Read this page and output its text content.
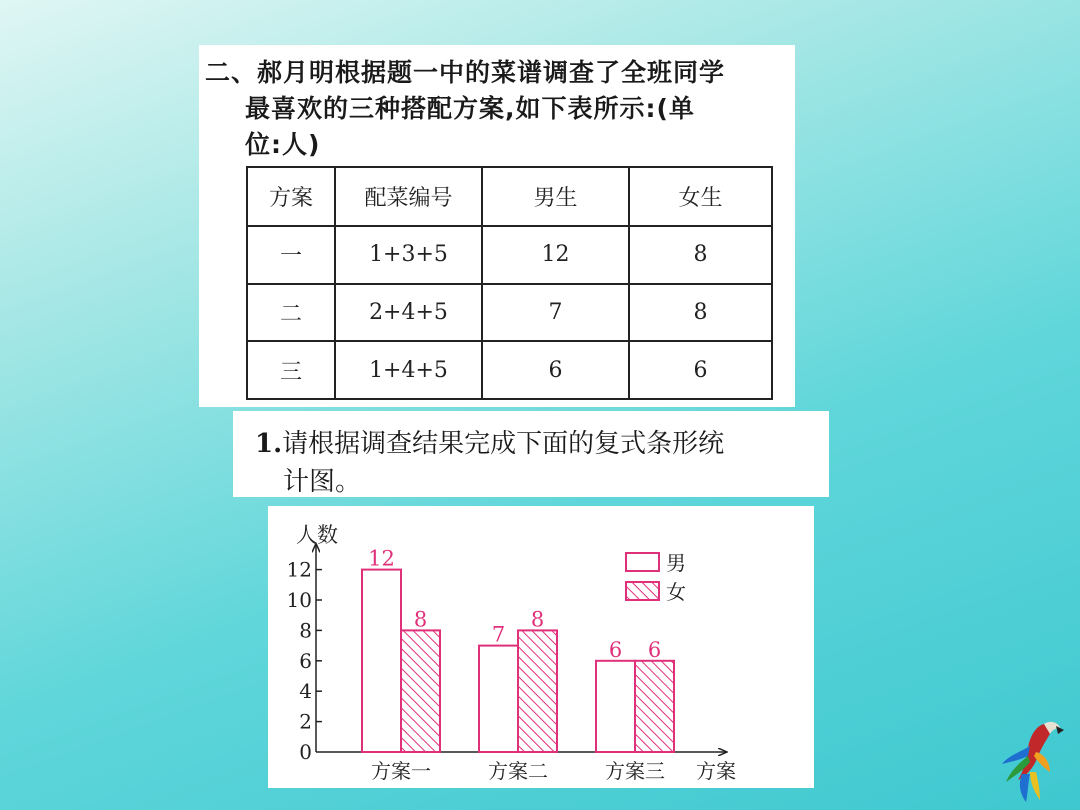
二、郝月明根据题一中的菜谱调查了全班同学
最喜欢的三种搭配方案,如下表所示:(单
位:人)
方案	配菜编号	男生	女生
一	1+3+5	12	8
二	2+4+5	7	8
三	1+4+5	6	6
1.请根据调查结果完成下面的复式条形统
计图。
0
2
4
6
8
10
12
人数
方案
12
8
方案一
7
8
方案二
6 6
方案三
男
女
